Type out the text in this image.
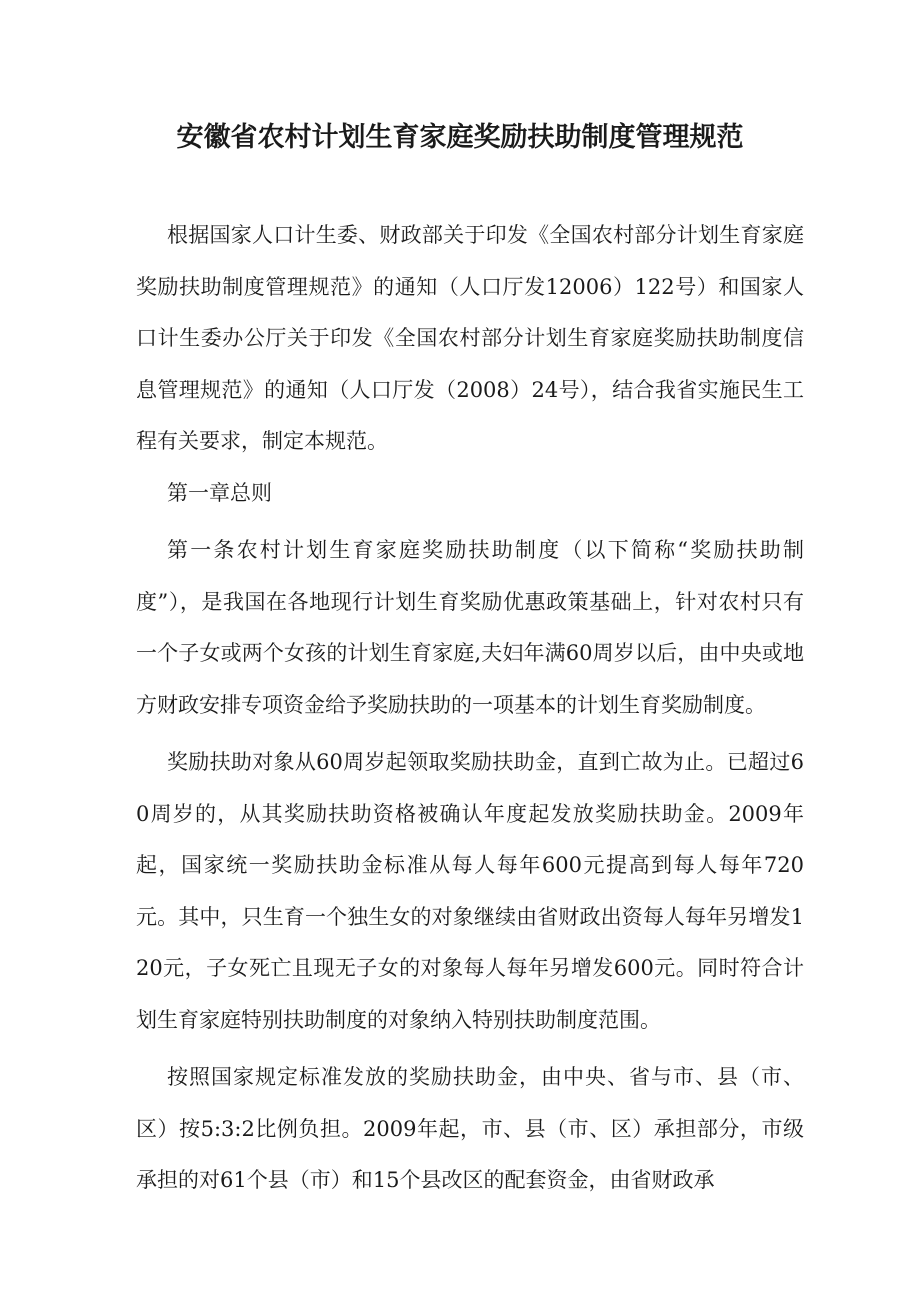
安徽省农村计划生育家庭奖励扶助制度管理规范

根据国家人口计生委、财政部关于印发《全国农村部分计划生育家庭奖励扶助制度管理规范》的通知（人口厅发12006）122号）和国家人口计生委办公厅关于印发《全国农村部分计划生育家庭奖励扶助制度信息管理规范》的通知（人口厅发（2008）24号），结合我省实施民生工程有关要求，制定本规范。

第一章总则

第一条农村计划生育家庭奖励扶助制度（以下简称“奖励扶助制度”），是我国在各地现行计划生育奖励优惠政策基础上，针对农村只有一个子女或两个女孩的计划生育家庭,夫妇年满60周岁以后，由中央或地方财政安排专项资金给予奖励扶助的一项基本的计划生育奖励制度。

奖励扶助对象从60周岁起领取奖励扶助金，直到亡故为止。已超过60周岁的，从其奖励扶助资格被确认年度起发放奖励扶助金。2009年起，国家统一奖励扶助金标准从每人每年600元提高到每人每年720元。其中，只生育一个独生女的对象继续由省财政出资每人每年另增发120元，子女死亡且现无子女的对象每人每年另增发600元。同时符合计划生育家庭特别扶助制度的对象纳入特别扶助制度范围。

按照国家规定标准发放的奖励扶助金，由中央、省与市、县（市、区）按5:3:2比例负担。2009年起，市、县（市、区）承担部分，市级承担的对61个县（市）和15个县改区的配套资金，由省财政承
